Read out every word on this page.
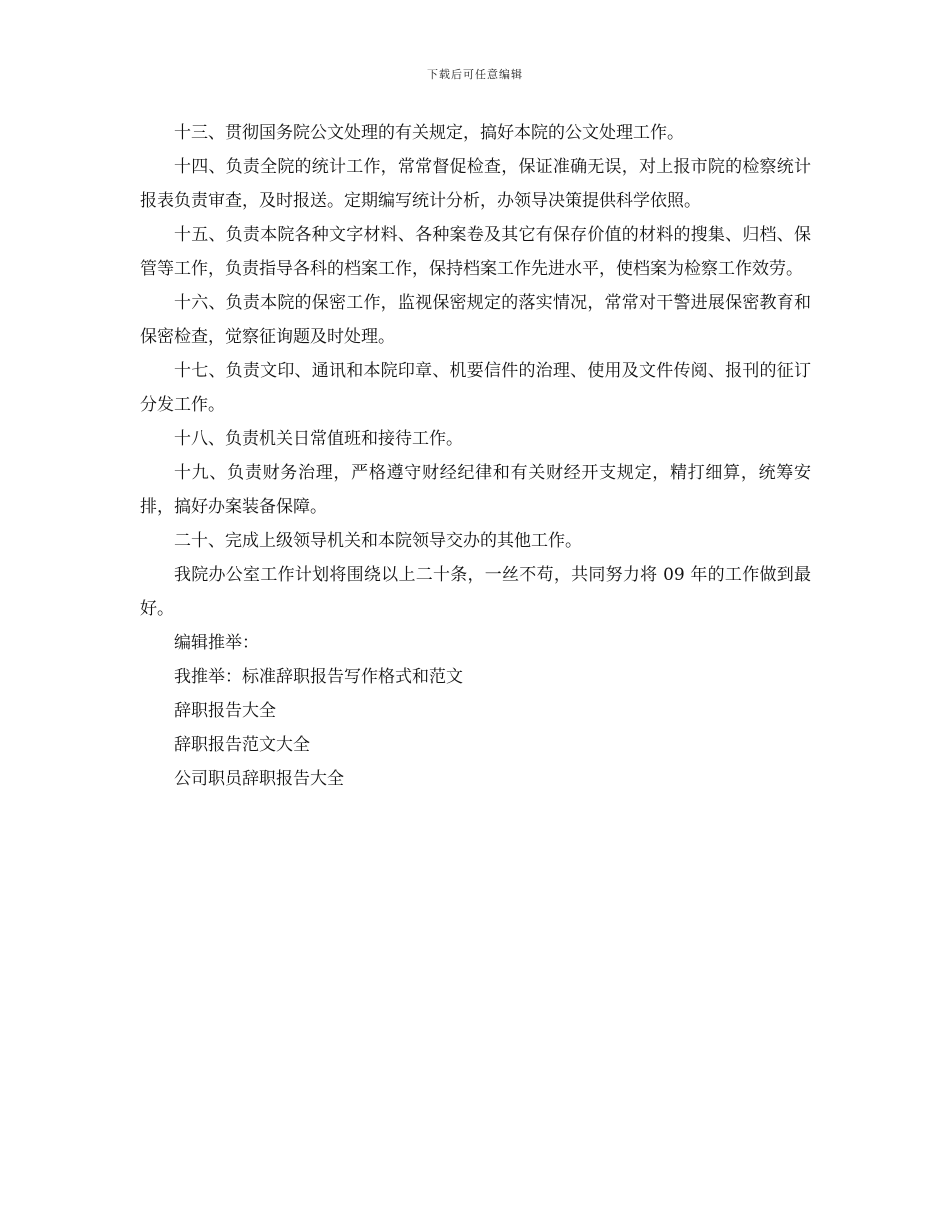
下载后可任意编辑

十三、贯彻国务院公文处理的有关规定，搞好本院的公文处理工作。

十四、负责全院的统计工作，常常督促检查，保证准确无误，对上报市院的检察统计报表负责审查，及时报送。定期编写统计分析，办领导决策提供科学依照。

十五、负责本院各种文字材料、各种案卷及其它有保存价值的材料的搜集、归档、保管等工作，负责指导各科的档案工作，保持档案工作先进水平，使档案为检察工作效劳。

十六、负责本院的保密工作，监视保密规定的落实情况，常常对干警进展保密教育和保密检查，觉察征询题及时处理。

十七、负责文印、通讯和本院印章、机要信件的治理、使用及文件传阅、报刊的征订分发工作。

十八、负责机关日常值班和接待工作。

十九、负责财务治理，严格遵守财经纪律和有关财经开支规定，精打细算，统筹安排，搞好办案装备保障。

二十、完成上级领导机关和本院领导交办的其他工作。

我院办公室工作计划将围绕以上二十条，一丝不苟，共同努力将 09 年的工作做到最好。

编辑推举：

我推举：标准辞职报告写作格式和范文

辞职报告大全

辞职报告范文大全

公司职员辞职报告大全
